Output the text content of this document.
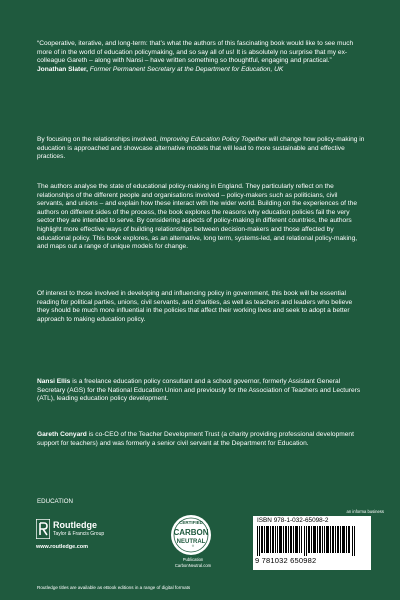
“Cooperative, iterative, and long-term: that’s what the authors of this fascinating book would like to see much more of in the world of education policymaking, and so say all of us! It is absolutely no surprise that my ex-colleague Gareth – along with Nansi – have written something so thoughtful, engaging and practical.”
Jonathan Slater, Former Permanent Secretary at the Department for Education, UK
By focusing on the relationships involved, Improving Education Policy Together will change how policy-making in education is approached and showcase alternative models that will lead to more sustainable and effective practices.
The authors analyse the state of educational policy-making in England. They particularly reflect on the relationships of the different people and organisations involved – policy-makers such as politicians, civil servants, and unions – and explain how these interact with the wider world. Building on the experiences of the authors on different sides of the process, the book explores the reasons why education policies fail the very sector they are intended to serve. By considering aspects of policy-making in different countries, the authors highlight more effective ways of building relationships between decision-makers and those affected by educational policy. This book explores, as an alternative, long term, systems-led, and relational policy-making, and maps out a range of unique models for change.
Of interest to those involved in developing and influencing policy in government, this book will be essential reading for political parties, unions, civil servants, and charities, as well as teachers and leaders who believe they should be much more influential in the policies that affect their working lives and seek to adopt a better approach to making education policy.
Nansi Ellis is a freelance education policy consultant and a school governor, formerly Assistant General Secretary (AGS) for the National Education Union and previously for the Association of Teachers and Lecturers (ATL), leading education policy development.
Gareth Conyard is co-CEO of the Teacher Development Trust (a charity providing professional development support for teachers) and was formerly a senior civil servant at the Department for Education.
EDUCATION
Routledge
Taylor & Francis Group
www.routledge.com
CERTIFIED
CARBON
NEUTRAL
®
Publication
CarbonNeutral.com
an informa business
ISBN 978-1-032-65098-2
9 781032 650982
Routledge titles are available as eBook editions in a range of digital formats
